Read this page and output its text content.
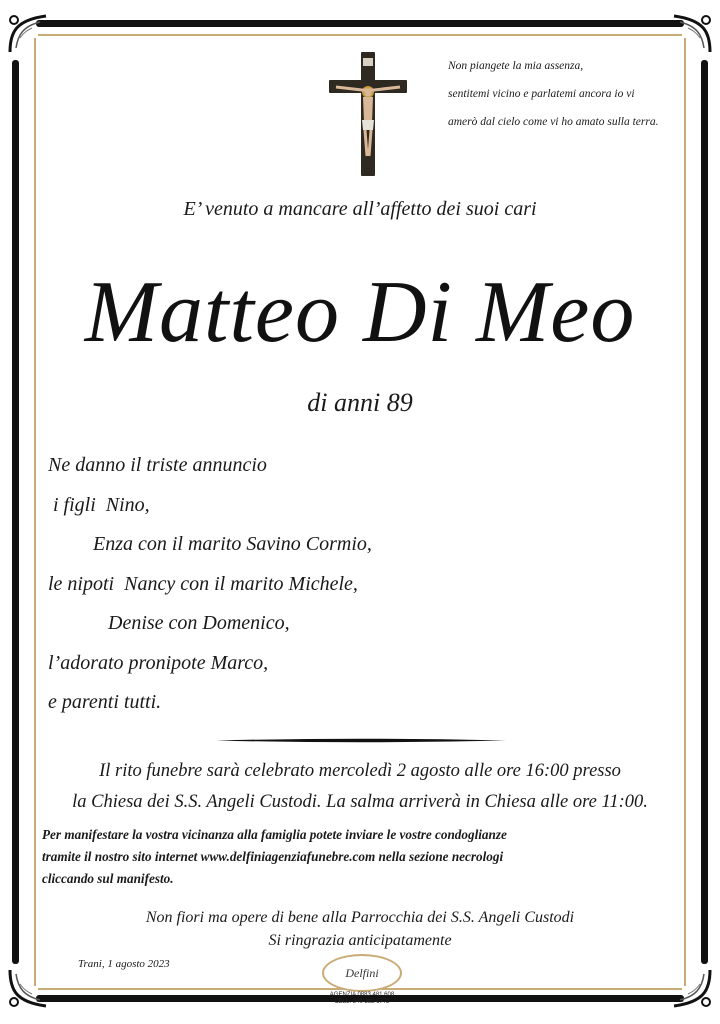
Non piangete la mia assenza,
sentitemi vicino e parlatemi ancora io vi
amerò dal cielo come vi ho amato sulla terra.
E’ venuto a mancare all’affetto dei suoi cari
Matteo Di Meo
di anni 89
Ne danno il triste annuncio
i figli  Nino,
Enza con il marito Savino Cormio,
le nipoti  Nancy con il marito Michele,
Denise con Domenico,
l’adorato pronipote Marco,
e parenti tutti.
Il rito funebre sarà celebrato mercoledì 2 agosto alle ore 16:00 presso
la Chiesa dei S.S. Angeli Custodi. La salma arriverà in Chiesa alle ore 11:00.
Per manifestare la vostra vicinanza alla famiglia potete inviare le vostre condoglianze
tramite il nostro sito internet www.delfiniagenziafunebre.com nella sezione necrologi
cliccando sul manifesto.
Non fiori ma opere di bene alla Parrocchia dei S.S. Angeli Custodi
Si ringrazia anticipatamente
Trani, 1 agosto 2023
Delfini
AGENZIA 0883 481 608
CELL. 340 282 6772
